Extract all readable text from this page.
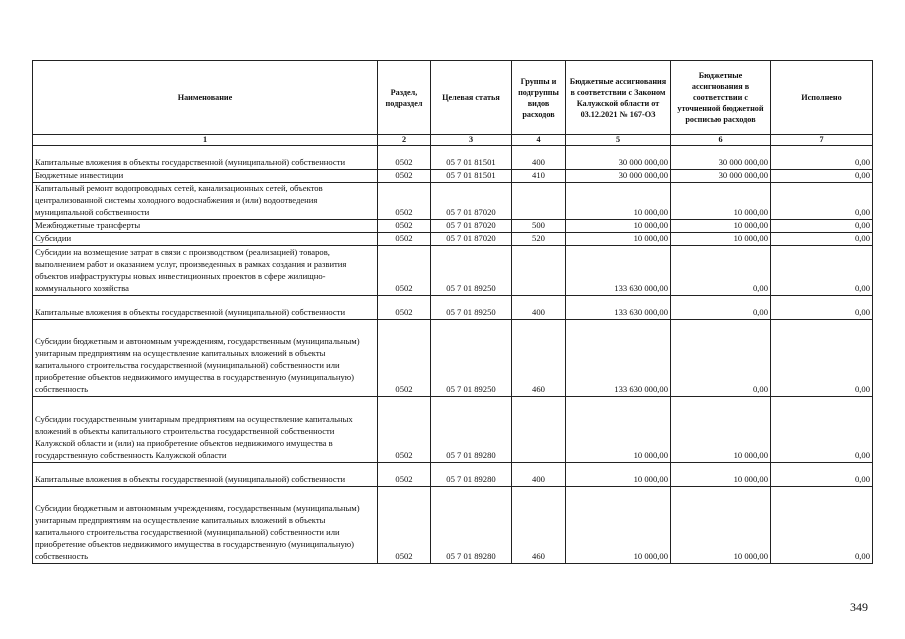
Наименование	Раздел, подраздел	Целевая статья	Группы и подгруппы видов расходов	Бюджетные ассигнования в соответствии с Законом Калужской области от 03.12.2021 № 167-ОЗ	Бюджетные ассигнования в соответствии с уточненной бюджетной росписью расходов	Исполнено
1	2	3	4	5	6	7
Капитальные вложения в объекты государственной (муниципальной) собственности	0502	05 7 01 81501	400	30 000 000,00	30 000 000,00	0,00
Бюджетные инвестиции	0502	05 7 01 81501	410	30 000 000,00	30 000 000,00	0,00
Капитальный ремонт водопроводных сетей, канализационных сетей, объектов централизованной системы холодного водоснабжения и (или) водоотведения муниципальной собственности	0502	05 7 01 87020		10 000,00	10 000,00	0,00
Межбюджетные трансферты	0502	05 7 01 87020	500	10 000,00	10 000,00	0,00
Субсидии	0502	05 7 01 87020	520	10 000,00	10 000,00	0,00
Субсидии на возмещение затрат в связи с производством (реализацией) товаров, выполнением работ и оказанием услуг, произведенных в рамках создания и развития объектов инфраструктуры новых инвестиционных проектов в сфере жилищно-коммунального хозяйства	0502	05 7 01 89250		133 630 000,00	0,00	0,00
Капитальные вложения в объекты государственной (муниципальной) собственности	0502	05 7 01 89250	400	133 630 000,00	0,00	0,00
Субсидии бюджетным и автономным учреждениям, государственным (муниципальным) унитарным предприятиям на осуществление капитальных вложений в объекты капитального строительства государственной (муниципальной) собственности или приобретение объектов недвижимого имущества в государственную (муниципальную) собственность	0502	05 7 01 89250	460	133 630 000,00	0,00	0,00
Субсидии государственным унитарным предприятиям на осуществление капитальных вложений в объекты капитального строительства государственной собственности Калужской области и (или) на приобретение объектов недвижимого имущества в государственную собственность Калужской области	0502	05 7 01 89280		10 000,00	10 000,00	0,00
Капитальные вложения в объекты государственной (муниципальной) собственности	0502	05 7 01 89280	400	10 000,00	10 000,00	0,00
Субсидии бюджетным и автономным учреждениям, государственным (муниципальным) унитарным предприятиям на осуществление капитальных вложений в объекты капитального строительства государственной (муниципальной) собственности или приобретение объектов недвижимого имущества в государственную (муниципальную) собственность	0502	05 7 01 89280	460	10 000,00	10 000,00	0,00
349
